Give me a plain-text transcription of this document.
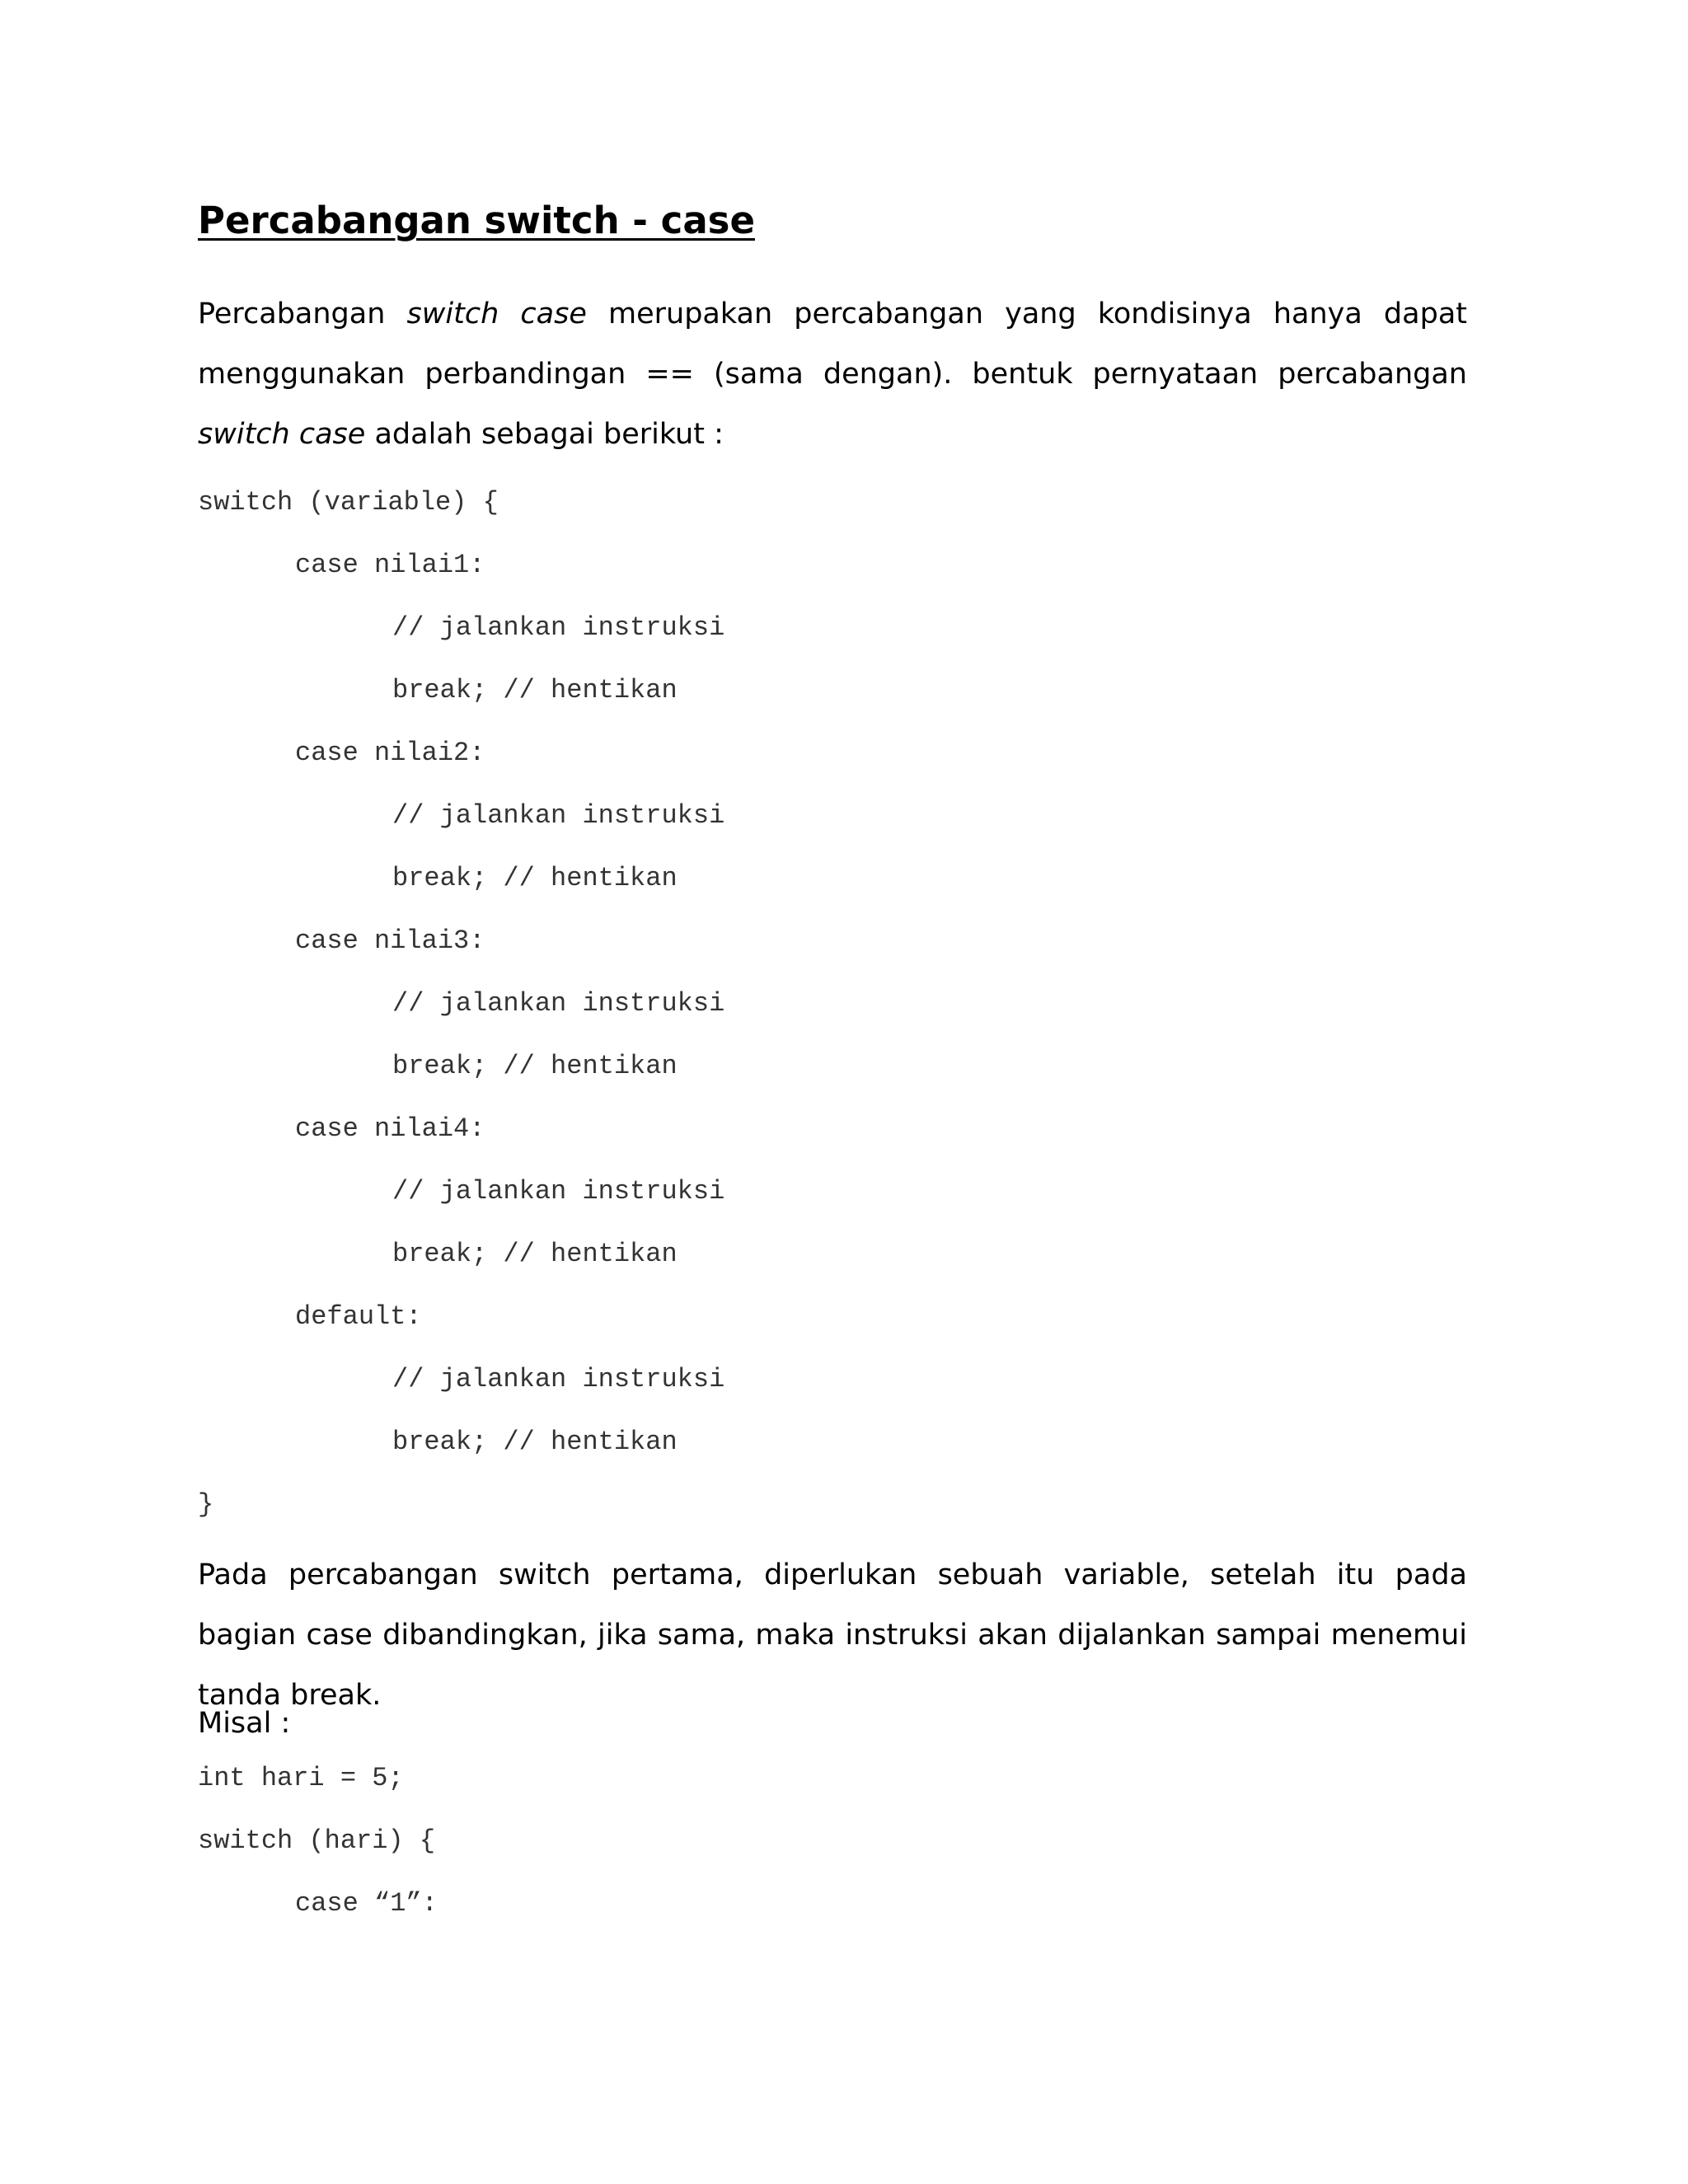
Percabangan switch - case

Percabangan switch case merupakan percabangan yang kondisinya hanya dapat menggunakan perbandingan == (sama dengan). bentuk pernyataan percabangan switch case adalah sebagai berikut :

switch (variable) {
case nilai1:
// jalankan instruksi
break; // hentikan
case nilai2:
// jalankan instruksi
break; // hentikan
case nilai3:
// jalankan instruksi
break; // hentikan
case nilai4:
// jalankan instruksi
break; // hentikan
default:
// jalankan instruksi
break; // hentikan
}

Pada percabangan switch pertama, diperlukan sebuah variable, setelah itu pada bagian case dibandingkan, jika sama, maka instruksi akan dijalankan sampai menemui tanda break.

Misal :

int hari = 5;
switch (hari) {
case “1”:
